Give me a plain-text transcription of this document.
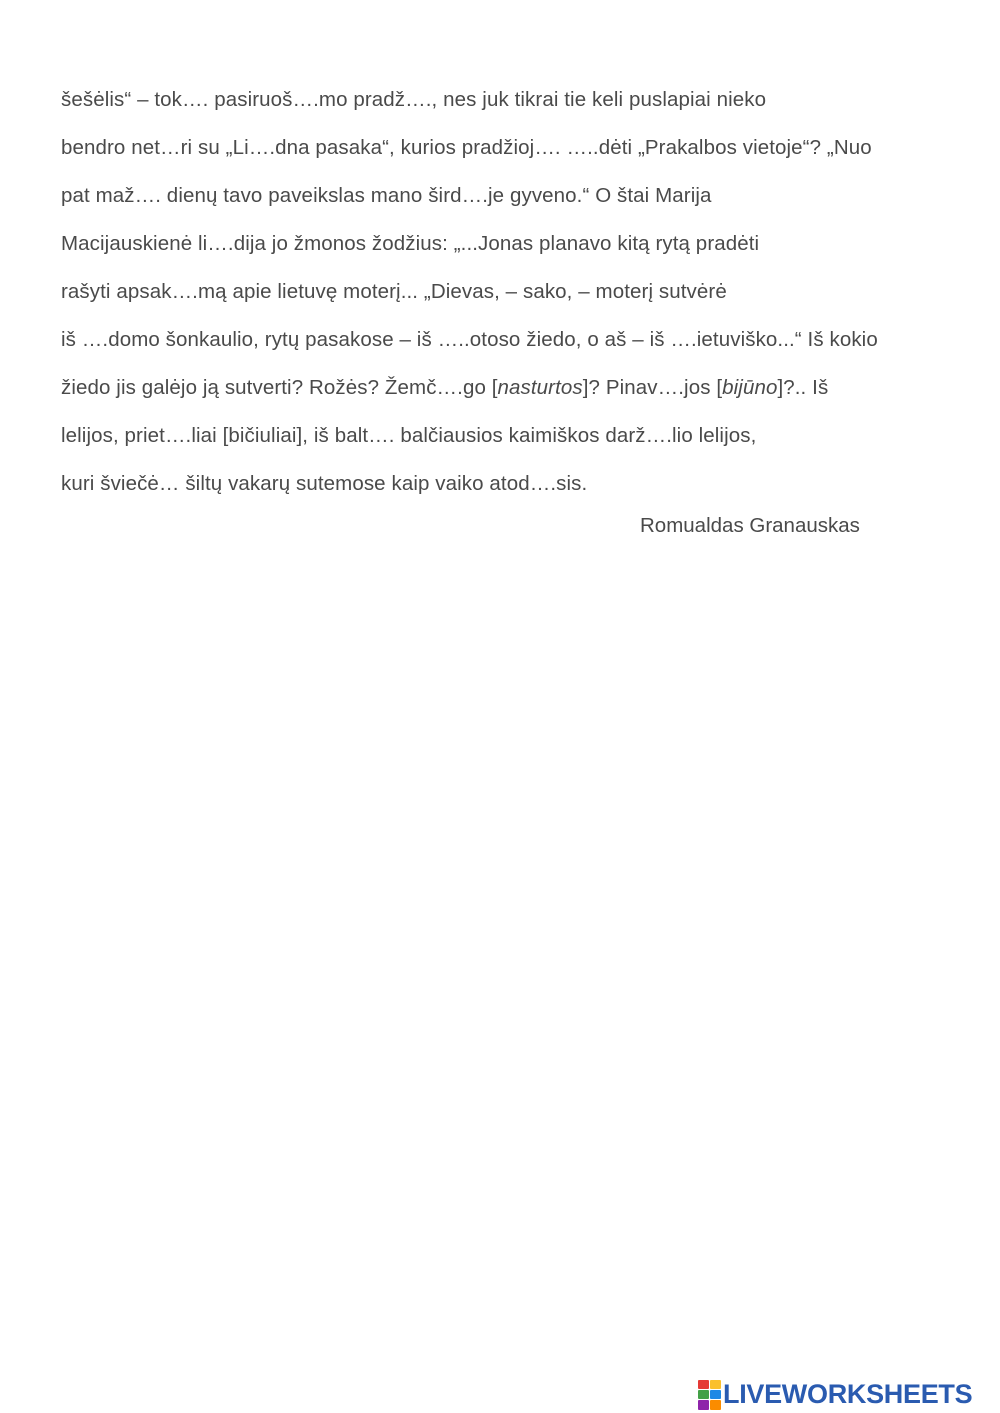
šešėlis“ – tok…. pasiruoš….mo pradž…., nes juk tikrai tie keli puslapiai nieko
bendro net…ri su „Li….dna pasaka“, kurios pradžioj…. …..dėti „Prakalbos vietoje“? „Nuo
pat maž…. dienų tavo paveikslas mano šird….je gyveno.“ O štai Marija
Macijauskienė li….dija jo žmonos žodžius: „...Jonas planavo kitą rytą pradėti
rašyti apsak….mą apie lietuvę moterį... „Dievas, – sako, – moterį sutvėrė
iš ….domo šonkaulio, rytų pasakose – iš …..otoso žiedo, o aš – iš ….ietuviško...“ Iš kokio
žiedo jis galėjo ją sutverti? Rožės? Žemč….go [nasturtos]? Pinav….jos [bijūno]?.. Iš
lelijos, priet….liai [bičiuliai], iš balt…. balčiausios kaimiškos darž….lio lelijos,
kuri šviečė… šiltų vakarų sutemose kaip vaiko atod….sis.
Romualdas Granauskas
LIVEWORKSHEETS
